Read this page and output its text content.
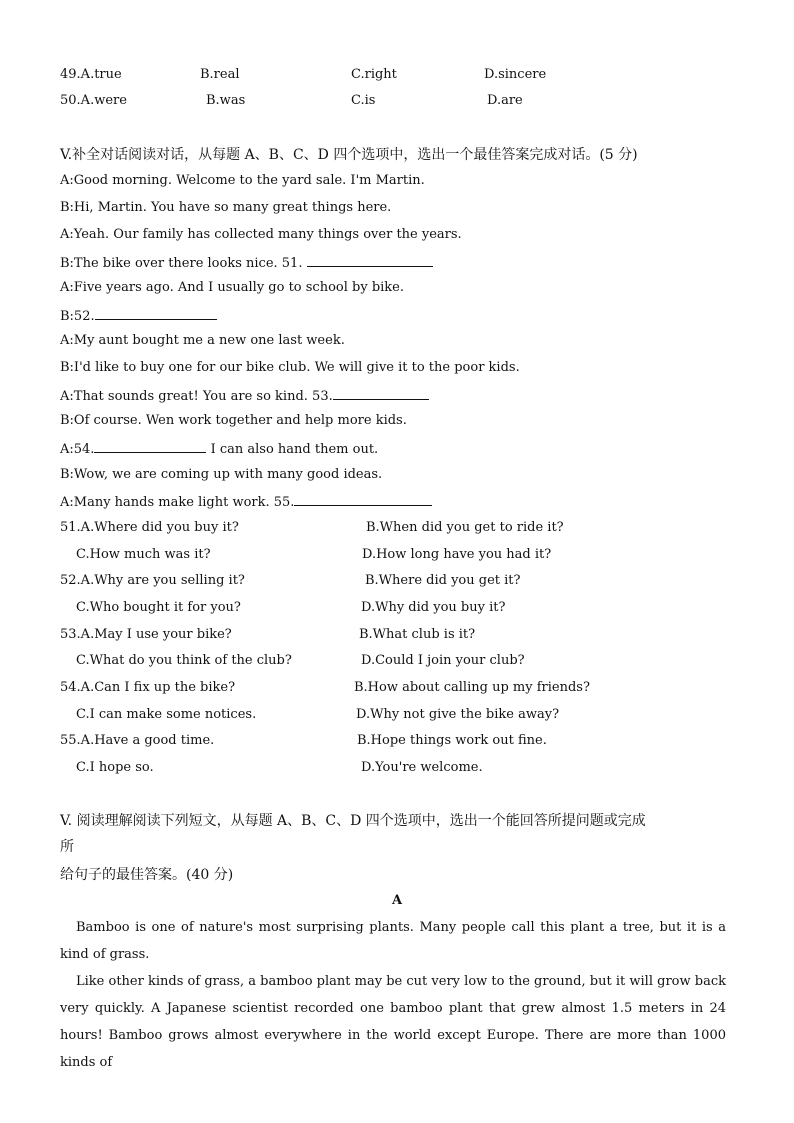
49.A.true	B.real	C.right	D.sincere
50.A.were	B.was	C.is	D.are
V.补全对话阅读对话，从每题 A、B、C、D 四个选项中，选出一个最佳答案完成对话。(5 分)
A:Good morning. Welcome to the yard sale. I'm Martin.
B:Hi, Martin. You have so many great things here.
A:Yeah. Our family has collected many things over the years.
B:The bike over there looks nice. 51.
A:Five years ago. And I usually go to school by bike.
B:52.
A:My aunt bought me a new one last week.
B:I'd like to buy one for our bike club. We will give it to the poor kids.
A:That sounds great! You are so kind. 53.
B:Of course. Wen work together and help more kids.
A:54.	I can also hand them out.
B:Wow, we are coming up with many good ideas.
A:Many hands make light work. 55.
51.A.Where did you buy it?	B.When did you get to ride it?
C.How much was it?	D.How long have you had it?
52.A.Why are you selling it?	B.Where did you get it?
C.Who bought it for you?	D.Why did you buy it?
53.A.May I use your bike?	B.What club is it?
C.What do you think of the club?	D.Could I join your club?
54.A.Can I fix up the bike?	B.How about calling up my friends?
C.I can make some notices.	D.Why not give the bike away?
55.A.Have a good time.	B.Hope things work out fine.
C.I hope so.	D.You're welcome.
V. 阅读理解阅读下列短文，从每题 A、B、C、D 四个选项中，选出一个能回答所提问题或完成
所
给句子的最佳答案。(40 分)
A
Bamboo is one of nature's most surprising plants. Many people call this plant a tree, but it is a kind of grass.
Like other kinds of grass, a bamboo plant may be cut very low to the ground, but it will grow back very quickly. A Japanese scientist recorded one bamboo plant that grew almost 1.5 meters in 24 hours! Bamboo grows almost everywhere in the world except Europe. There are more than 1000 kinds of
